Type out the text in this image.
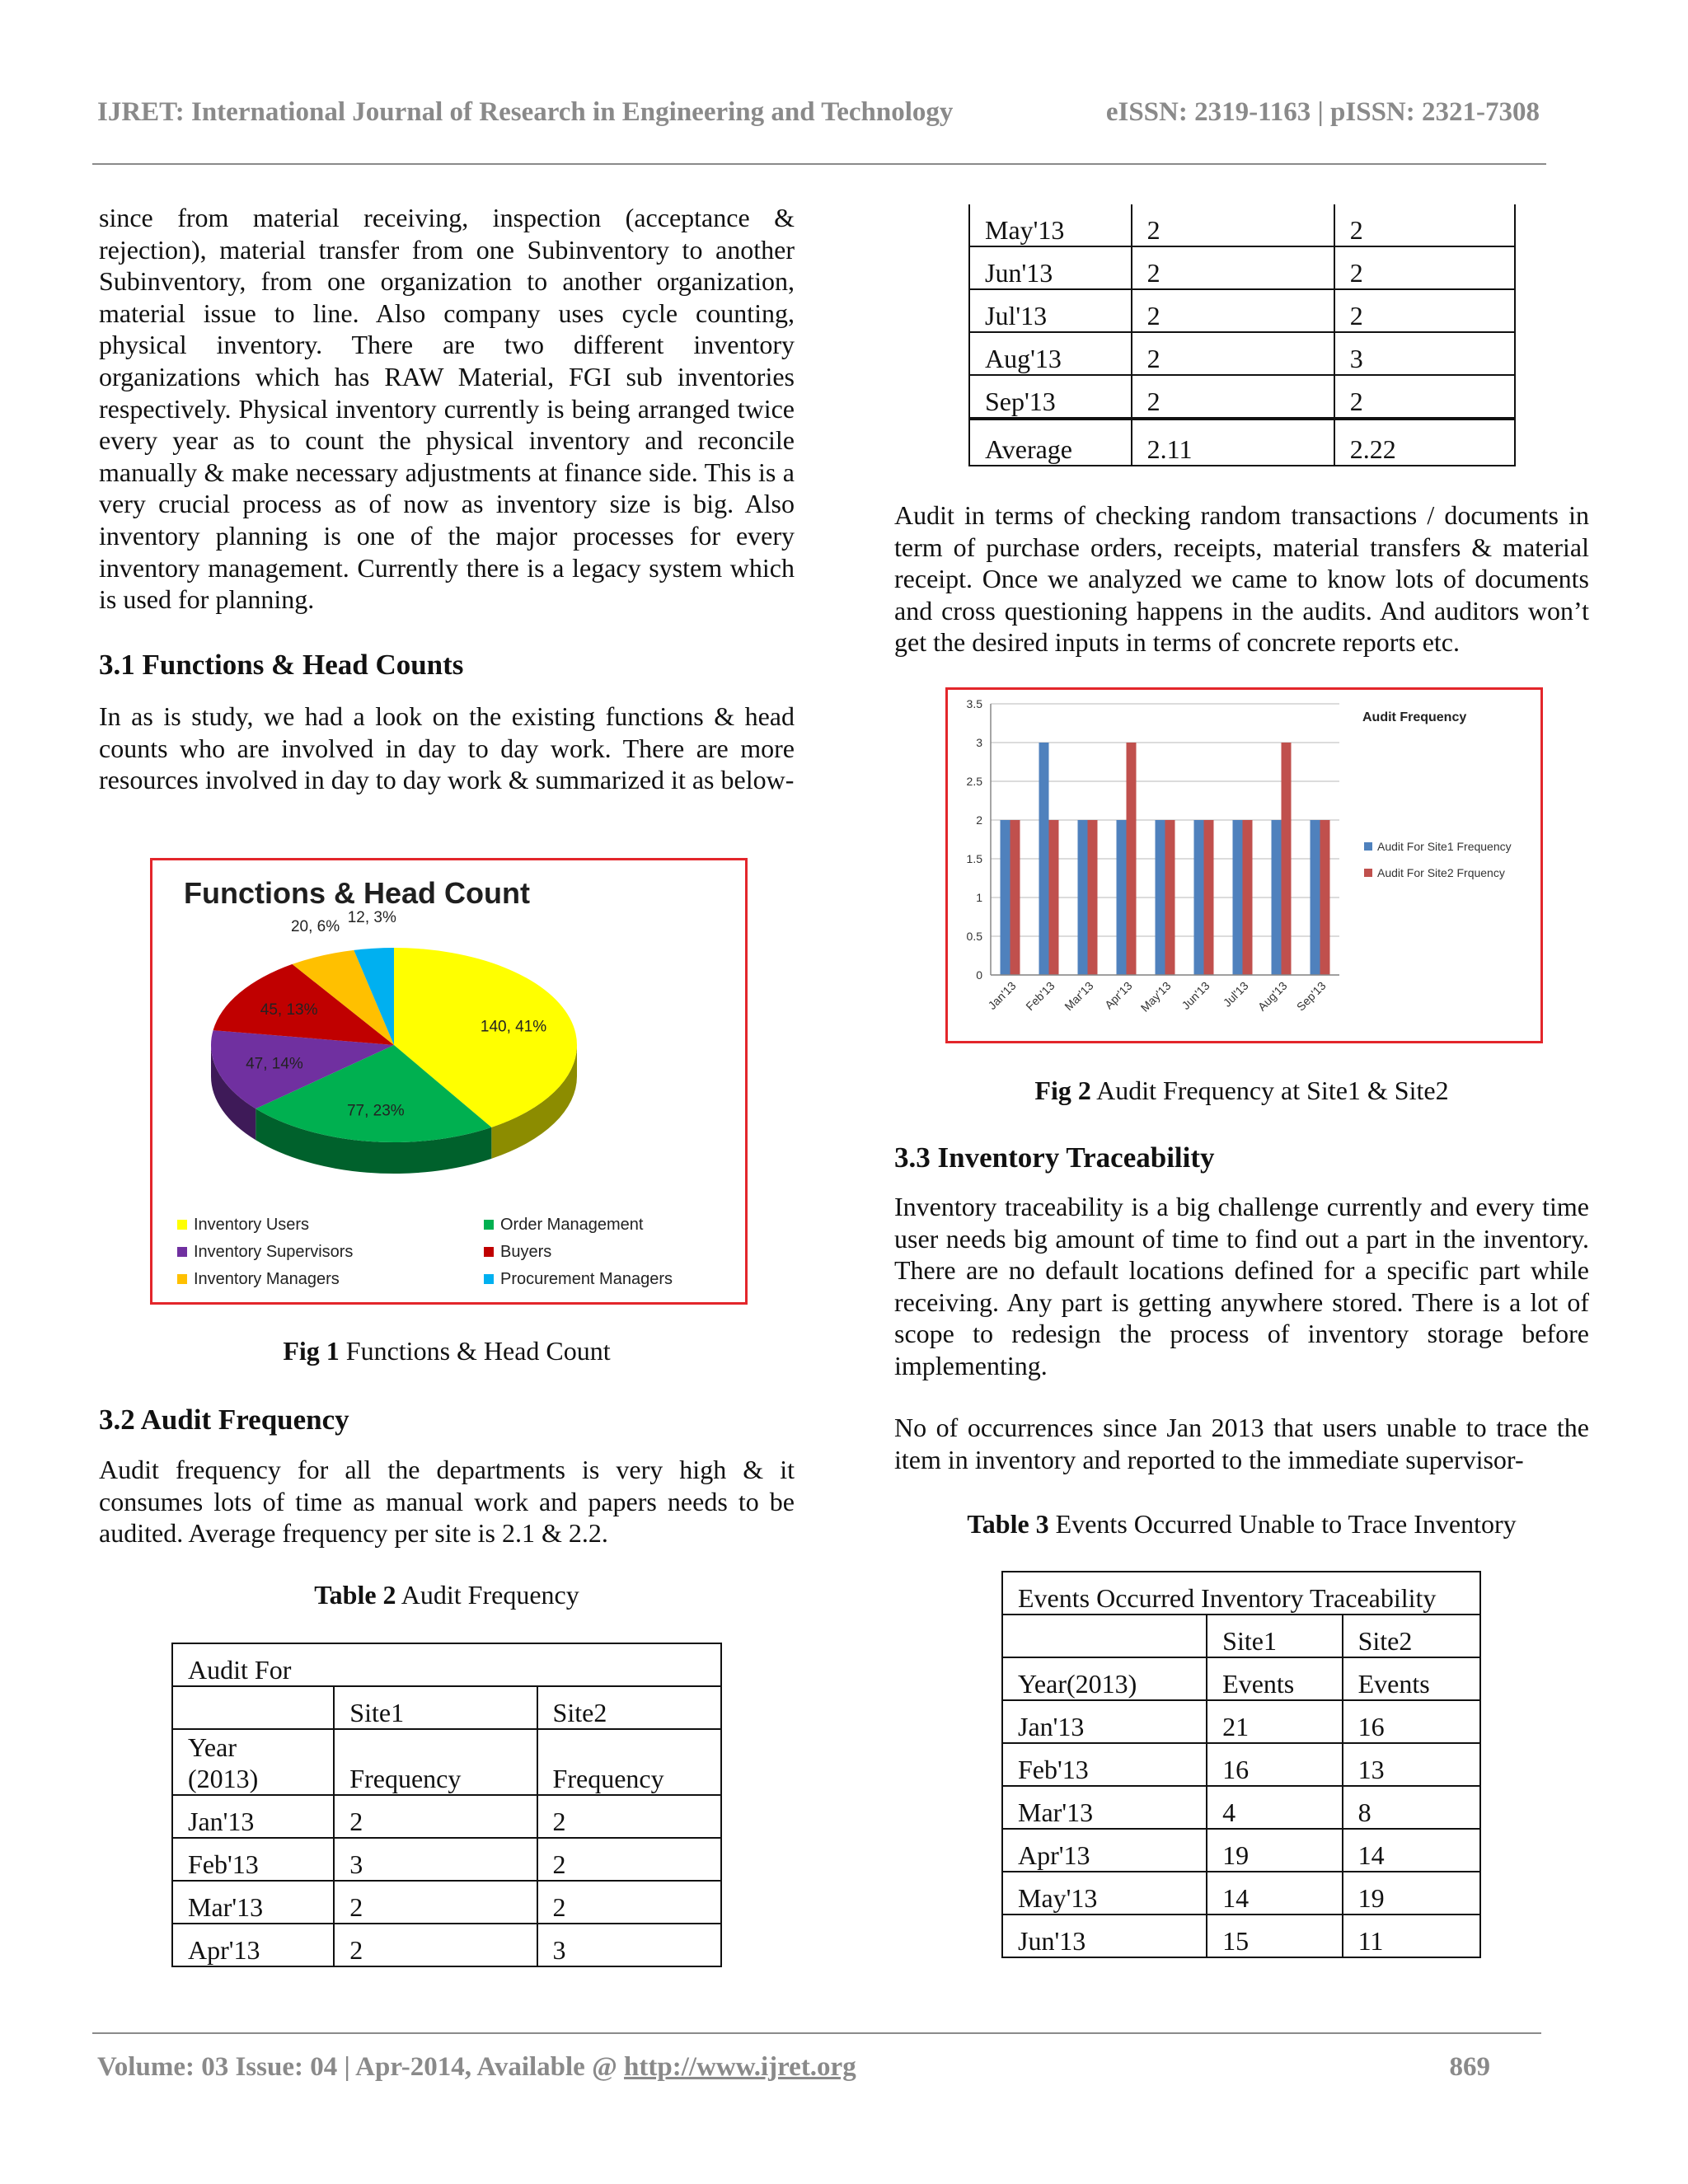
IJRET: International Journal of Research in Engineering and Technology	eISSN: 2319-1163 | pISSN: 2321-7308

since from material receiving, inspection (acceptance & rejection), material transfer from one Subinventory to another Subinventory, from one organization to another organization, material issue to line. Also company uses cycle counting, physical inventory. There are two different inventory organizations which has RAW Material, FGI sub inventories respectively. Physical inventory currently is being arranged twice every year as to count the physical inventory and reconcile manually & make necessary adjustments at finance side. This is a very crucial process as of now as inventory size is big. Also inventory planning is one of the major processes for every inventory management. Currently there is a legacy system which is used for planning.

3.1 Functions & Head Counts

In as is study, we had a look on the existing functions & head counts who are involved in day to day work. There are more resources involved in day to day work & summarized it as below-

Functions & Head Count
140, 41%
77, 23%
47, 14%
45, 13%
20, 6%
12, 3%
Inventory Users	Order Management
Inventory Supervisors	Buyers
Inventory Managers	Procurement Managers
Fig 1 Functions & Head Count
3.2 Audit Frequency

Audit frequency for all the departments is very high & it consumes lots of time as manual work and papers needs to be audited. Average frequency per site is 2.1 & 2.2.

Table 2 Audit Frequency
Audit For		
	Site1	Site2
Year
(2013)	Frequency	Frequency
Jan'13	2	2
Feb'13	3	2
Mar'13	2	2
Apr'13	2	3
May'13	2	2
Jun'13	2	2
Jul'13	2	2
Aug'13	2	3
Sep'13	2	2
Average	2.11	2.22

Audit in terms of checking random transactions / documents in term of purchase orders, receipts, material transfers & material receipt. Once we analyzed we came to know lots of documents and cross questioning happens in the audits. And auditors won’t get the desired inputs in terms of concrete reports etc.

0
0.5
1
1.5
2
2.5
3
3.5
Jan'13 Feb'13 Mar'13 Apr'13 May'13 Jun'13 Jul'13 Aug'13 Sep'13
Audit Frequency
Audit For Site1 Frequency
Audit For Site2 Frquency
Fig 2 Audit Frequency at Site1 & Site2
3.3 Inventory Traceability

Inventory traceability is a big challenge currently and every time user needs big amount of time to find out a part in the inventory. There are no default locations defined for a specific part while receiving. Any part is getting anywhere stored. There is a lot of scope to redesign the process of inventory storage before implementing.

No of occurrences since Jan 2013 that users unable to trace the item in inventory and reported to the immediate supervisor-

Table 3 Events Occurred Unable to Trace Inventory
Events Occurred Inventory Traceability		
	Site1	Site2
Year(2013)	Events	Events
Jan'13	21	16
Feb'13	16	13
Mar'13	4	8
Apr'13	19	14
May'13	14	19
Jun'13	15	11
Volume: 03 Issue: 04 | Apr-2014, Available @ http://www.ijret.org	869
